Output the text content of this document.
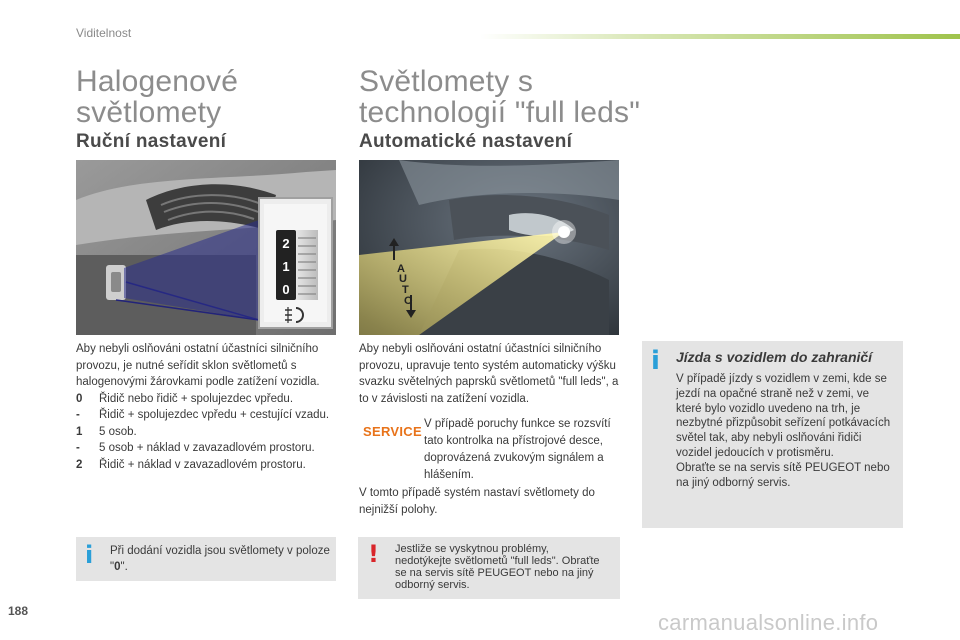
Viditelnost
Halogenové
světlomety
Ruční nastavení
2
1
0
Aby nebyli oslňováni ostatní účastníci silničního provozu, je nutné seřídit sklon světlometů s halogenovými žárovkami podle zatížení vozidla.
0	Řidič nebo řidič + spolujezdec vpředu.
-	Řidič + spolujezdec vpředu + cestující vzadu.
1	5 osob.
-	5 osob + náklad v zavazadlovém prostoru.
2	Řidič + náklad v zavazadlovém prostoru.
i Při dodání vozidla jsou světlomety v poloze "0".
Světlomety s
technologií "full leds"
Automatické nastavení
A
U
T
O
Aby nebyli oslňováni ostatní účastníci silničního provozu, upravuje tento systém automaticky výšku svazku světelných paprsků světlometů "full leds", a to v závislosti na zatížení vozidla.
SERVICE V případě poruchy funkce se rozsvítí tato kontrolka na přístrojové desce, doprovázená zvukovým signálem a hlášením.
V tomto případě systém nastaví světlomety do nejnižší polohy.
! Jestliže se vyskytnou problémy, nedotýkejte světlometů "full leds". Obraťte se na servis sítě PEUGEOT nebo na jiný odborný servis.
i Jízda s vozidlem do zahraničí
V případě jízdy s vozidlem v zemi, kde se jezdí na opačné straně než v zemi, ve které bylo vozidlo uvedeno na trh, je nezbytné přizpůsobit seřízení potkávacích světel tak, aby nebyli oslňováni řidiči vozidel jedoucích v protisměru.
Obraťte se na servis sítě PEUGEOT nebo na jiný odborný servis.
188	carmanualsonline.info
